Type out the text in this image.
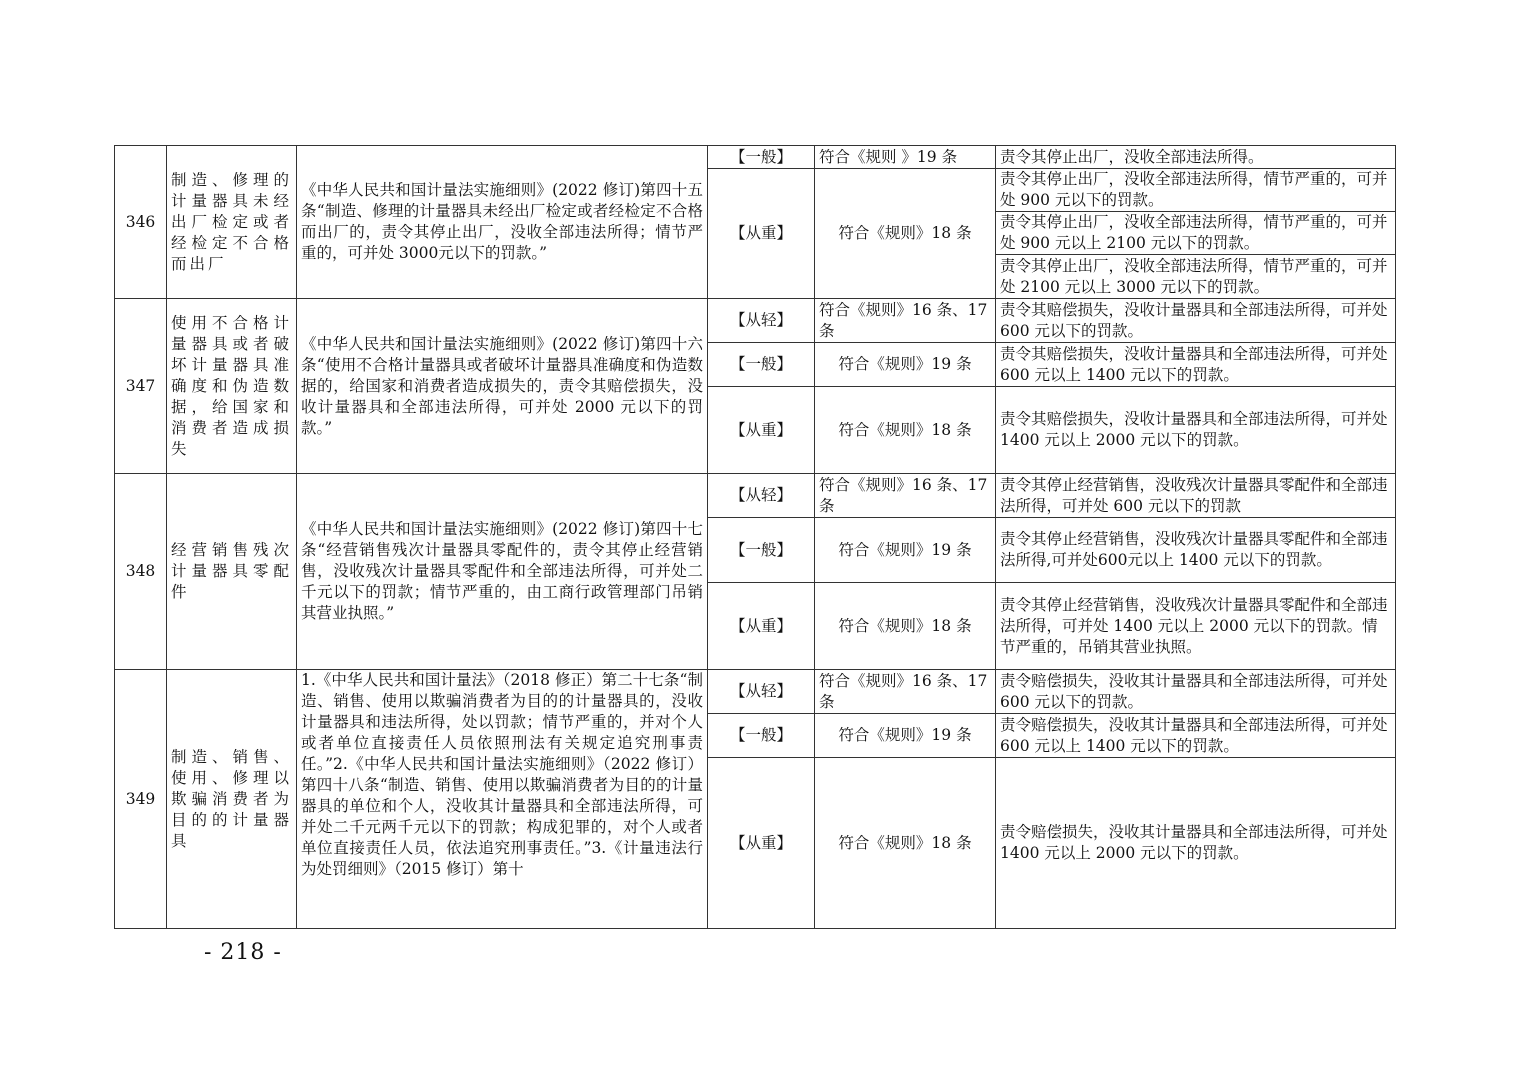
346	制造、修理的计量器具未经出厂检定或者经检定不合格而出厂	《中华人民共和国计量法实施细则》(2022 修订)第四十五条“制造、修理的计量器具未经出厂检定或者经检定不合格而出厂的，责令其停止出厂，没收全部违法所得；情节严重的，可并处 3000元以下的罚款。”	【一般】	符合《规则 》19 条	责令其停止出厂，没收全部违法所得。
			【从重】	符合《规则》18 条	责令其停止出厂，没收全部违法所得，情节严重的，可并处 900 元以下的罚款。
					责令其停止出厂，没收全部违法所得，情节严重的，可并处 900 元以上 2100 元以下的罚款。
					责令其停止出厂，没收全部违法所得，情节严重的，可并处 2100 元以上 3000 元以下的罚款。
347	使用不合格计量器具或者破坏计量器具准确度和伪造数据，给国家和消费者造成损失	《中华人民共和国计量法实施细则》(2022 修订)第四十六条“使用不合格计量器具或者破坏计量器具准确度和伪造数据的，给国家和消费者造成损失的，责令其赔偿损失，没收计量器具和全部违法所得，可并处 2000 元以下的罚款。”	【从轻】	符合《规则》16 条、17 条	责令其赔偿损失，没收计量器具和全部违法所得，可并处 600 元以下的罚款。
			【一般】	符合《规则》19 条	责令其赔偿损失，没收计量器具和全部违法所得，可并处 600 元以上 1400 元以下的罚款。
			【从重】	符合《规则》18 条	责令其赔偿损失，没收计量器具和全部违法所得，可并处 1400 元以上 2000 元以下的罚款。
348	经营销售残次计量器具零配件	《中华人民共和国计量法实施细则》(2022 修订)第四十七条“经营销售残次计量器具零配件的，责令其停止经营销售，没收残次计量器具零配件和全部违法所得，可并处二千元以下的罚款；情节严重的，由工商行政管理部门吊销其营业执照。”	【从轻】	符合《规则》16 条、17 条	责令其停止经营销售，没收残次计量器具零配件和全部违法所得，可并处 600 元以下的罚款
			【一般】	符合《规则》19 条	责令其停止经营销售，没收残次计量器具零配件和全部违法所得,可并处600元以上 1400 元以下的罚款。
			【从重】	符合《规则》18 条	责令其停止经营销售，没收残次计量器具零配件和全部违法所得，可并处 1400 元以上 2000 元以下的罚款。情节严重的，吊销其营业执照。
349	制造、销售、使用、修理以欺骗消费者为目的的计量器具	1.《中华人民共和国计量法》（2018 修正）第二十七条“制造、销售、使用以欺骗消费者为目的的计量器具的，没收计量器具和违法所得，处以罚款；情节严重的，并对个人或者单位直接责任人员依照刑法有关规定追究刑事责任。”2.《中华人民共和国计量法实施细则》（2022 修订）第四十八条“制造、销售、使用以欺骗消费者为目的的计量器具的单位和个人，没收其计量器具和全部违法所得，可并处二千元两千元以下的罚款；构成犯罪的，对个人或者单位直接责任人员，依法追究刑事责任。”3.《计量违法行为处罚细则》（2015 修订）第十	【从轻】	符合《规则》16 条、17 条	责令赔偿损失，没收其计量器具和全部违法所得，可并处 600 元以下的罚款。
			【一般】	符合《规则》19 条	责令赔偿损失，没收其计量器具和全部违法所得，可并处 600 元以上 1400 元以下的罚款。
			【从重】	符合《规则》18 条	责令赔偿损失，没收其计量器具和全部违法所得，可并处 1400 元以上 2000 元以下的罚款。
- 218 -
